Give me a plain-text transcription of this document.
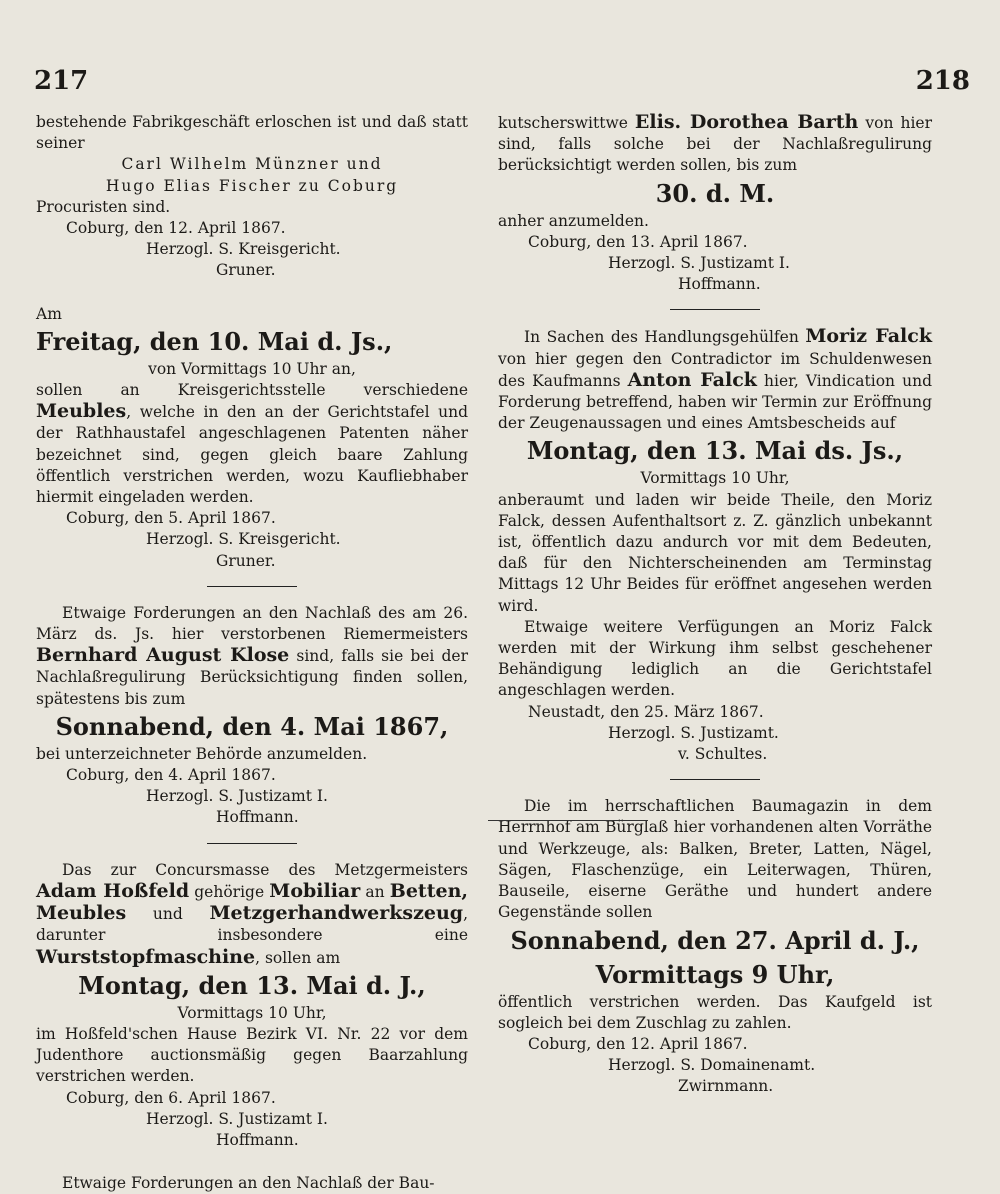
217	218

bestehende Fabrikgeschäft erloschen ist und daß statt seiner

Carl Wilhelm Münzner und

Hugo Elias Fischer zu Coburg

Procuristen sind.

Coburg, den 12. April 1867.

Herzogl. S. Kreisgericht.

Gruner.

Am

Freitag, den 10. Mai d. Js.,

von Vormittags 10 Uhr an,

sollen an Kreisgerichtsstelle verschiedene Meubles, welche in den an der Gerichtstafel und der Rathhaustafel angeschlagenen Patenten näher bezeichnet sind, gegen gleich baare Zahlung öffentlich verstrichen werden, wozu Kaufliebhaber hiermit eingeladen werden.

Coburg, den 5. April 1867.

Herzogl. S. Kreisgericht.

Gruner.

Etwaige Forderungen an den Nachlaß des am 26. März ds. Js. hier verstorbenen Riemermeisters Bernhard August Klose sind, falls sie bei der Nachlaßregulirung Berücksichtigung finden sollen, spätestens bis zum

Sonnabend, den 4. Mai 1867,

bei unterzeichneter Behörde anzumelden.

Coburg, den 4. April 1867.

Herzogl. S. Justizamt I.

Hoffmann.

Das zur Concursmasse des Metzgermeisters Adam Hoßfeld gehörige Mobiliar an Betten, Meubles und Metzgerhandwerkszeug, darunter insbesondere eine Wurststopfmaschine, sollen am

Montag, den 13. Mai d. J.,

Vormittags 10 Uhr,

im Hoßfeld'schen Hause Bezirk VI. Nr. 22 vor dem Judenthore auctionsmäßig gegen Baarzahlung verstrichen werden.

Coburg, den 6. April 1867.

Herzogl. S. Justizamt I.

Hoffmann.

Etwaige Forderungen an den Nachlaß der Bau-

kutscherswittwe Elis. Dorothea Barth von hier sind, falls solche bei der Nachlaßregulirung berücksichtigt werden sollen, bis zum

30. d. M.

anher anzumelden.

Coburg, den 13. April 1867.

Herzogl. S. Justizamt I.

Hoffmann.

In Sachen des Handlungsgehülfen Moriz Falck von hier gegen den Contradictor im Schuldenwesen des Kaufmanns Anton Falck hier, Vindication und Forderung betreffend, haben wir Termin zur Eröffnung der Zeugenaussagen und eines Amtsbescheids auf

Montag, den 13. Mai ds. Js.,

Vormittags 10 Uhr,

anberaumt und laden wir beide Theile, den Moriz Falck, dessen Aufenthaltsort z. Z. gänzlich unbekannt ist, öffentlich dazu andurch vor mit dem Bedeuten, daß für den Nichterscheinenden am Terminstag Mittags 12 Uhr Beides für eröffnet angesehen werden wird.

Etwaige weitere Verfügungen an Moriz Falck werden mit der Wirkung ihm selbst geschehener Behändigung lediglich an die Gerichtstafel angeschlagen werden.

Neustadt, den 25. März 1867.

Herzogl. S. Justizamt.

v. Schultes.

Die im herrschaftlichen Baumagazin in dem Herrnhof am Bürglaß hier vorhandenen alten Vorräthe und Werkzeuge, als: Balken, Breter, Latten, Nägel, Sägen, Flaschenzüge, ein Leiterwagen, Thüren, Bauseile, eiserne Geräthe und hundert andere Gegenstände sollen

Sonnabend, den 27. April d. J.,

Vormittags 9 Uhr,

öffentlich verstrichen werden. Das Kaufgeld ist sogleich bei dem Zuschlag zu zahlen.

Coburg, den 12. April 1867.

Herzogl. S. Domainenamt.

Zwirnmann.
